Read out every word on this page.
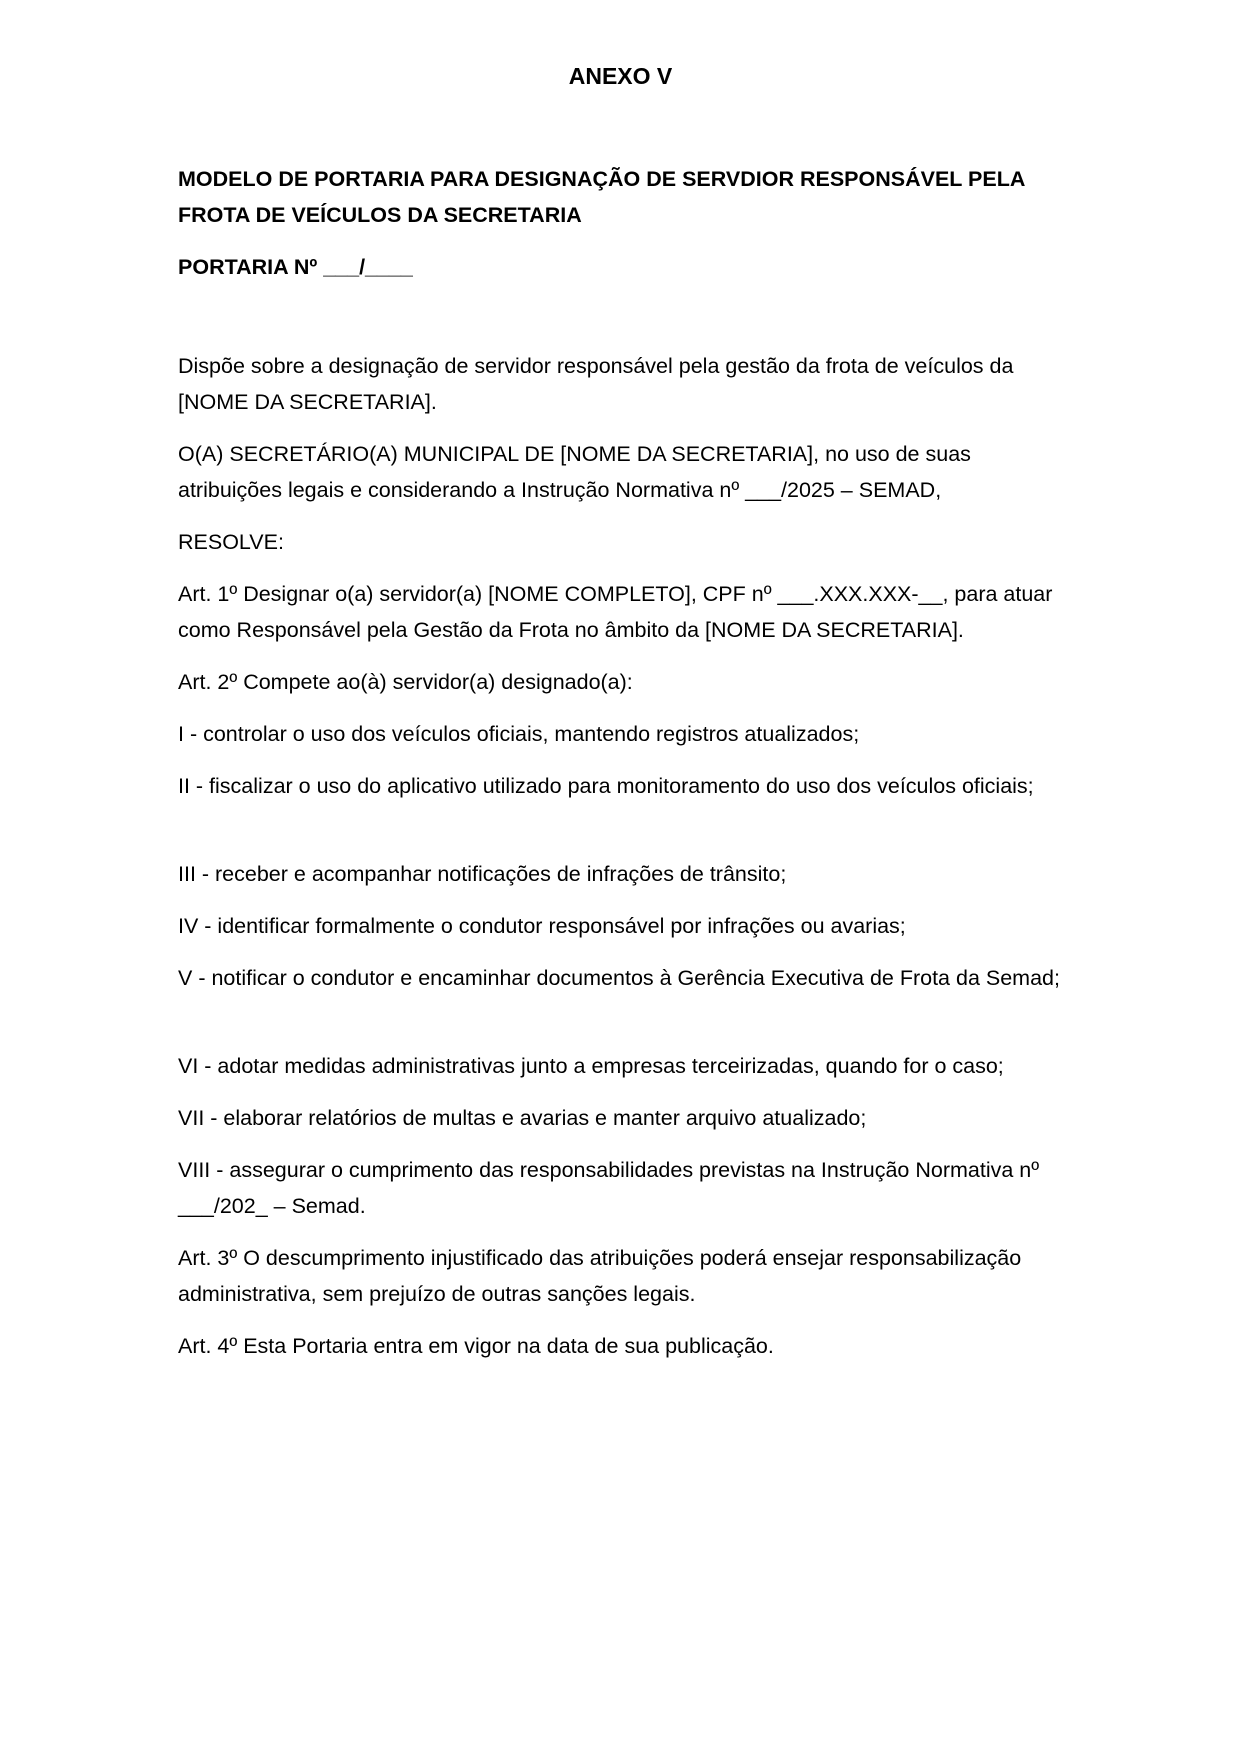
ANEXO V

MODELO DE PORTARIA PARA DESIGNAÇÃO DE SERVDIOR RESPONSÁVEL PELA FROTA DE VEÍCULOS DA SECRETARIA

PORTARIA Nº ___/____

Dispõe sobre a designação de servidor responsável pela gestão da frota de veículos da [NOME DA SECRETARIA].

O(A) SECRETÁRIO(A) MUNICIPAL DE [NOME DA SECRETARIA], no uso de suas atribuições legais e considerando a Instrução Normativa nº ___/2025 – SEMAD,

RESOLVE:

Art. 1º Designar o(a) servidor(a) [NOME COMPLETO], CPF nº ___.XXX.XXX-__, para atuar como Responsável pela Gestão da Frota no âmbito da [NOME DA SECRETARIA].

Art. 2º Compete ao(à) servidor(a) designado(a):

I - controlar o uso dos veículos oficiais, mantendo registros atualizados;

II - fiscalizar o uso do aplicativo utilizado para monitoramento do uso dos veículos oficiais;

III - receber e acompanhar notificações de infrações de trânsito;

IV - identificar formalmente o condutor responsável por infrações ou avarias;

V - notificar o condutor e encaminhar documentos à Gerência Executiva de Frota da Semad;

VI - adotar medidas administrativas junto a empresas terceirizadas, quando for o caso;

VII - elaborar relatórios de multas e avarias e manter arquivo atualizado;

VIII - assegurar o cumprimento das responsabilidades previstas na Instrução Normativa nº ___/202_ – Semad.

Art. 3º O descumprimento injustificado das atribuições poderá ensejar responsabilização administrativa, sem prejuízo de outras sanções legais.

Art. 4º Esta Portaria entra em vigor na data de sua publicação.
